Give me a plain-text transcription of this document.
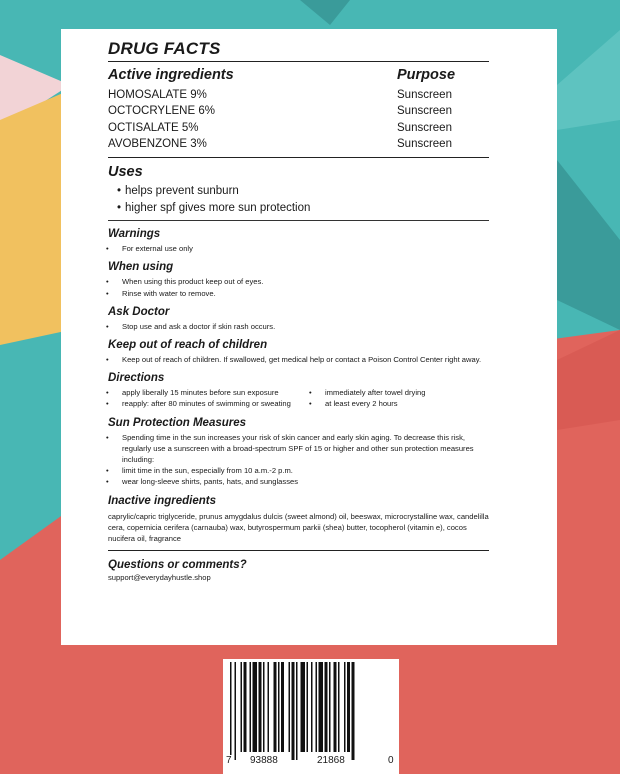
DRUG FACTS
Active ingredients	Purpose
HOMOSALATE 9%	Sunscreen
OCTOCRYLENE 6%	Sunscreen
OCTISALATE 5%	Sunscreen
AVOBENZONE 3%	Sunscreen
Uses
• helps prevent sunburn
• higher spf gives more sun protection
Warnings
• For external use only
When using
• When using this product keep out of eyes.
• Rinse with water to remove.
Ask Doctor
• Stop use and ask a doctor if skin rash occurs.
Keep out of reach of children
• Keep out of reach of children. If swallowed, get medical help or contact a Poison Control Center right away.
Directions
• apply liberally 15 minutes before sun exposure
• reapply: after 80 minutes of swimming or sweating
• immediately after towel drying
• at least every 2 hours
Sun Protection Measures
• Spending time in the sun increases your risk of skin cancer and early skin aging. To decrease this risk, regularly use a sunscreen with a broad-spectrum SPF of 15 or higher and other sun protection measures including:
• limit time in the sun, especially from 10 a.m.-2 p.m.
• wear long-sleeve shirts, pants, hats, and sunglasses
Inactive ingredients
caprylic/capric triglyceride, prunus amygdalus dulcis (sweet almond) oil, beeswax, microcrystalline wax, candelilla cera, copernicia cerifera (carnauba) wax, butyrospermum parkii (shea) butter, tocopherol (vitamin e), cocos nucifera oil, fragrance
Questions or comments?
support@everydayhustle.shop
7 93888	21868	0
